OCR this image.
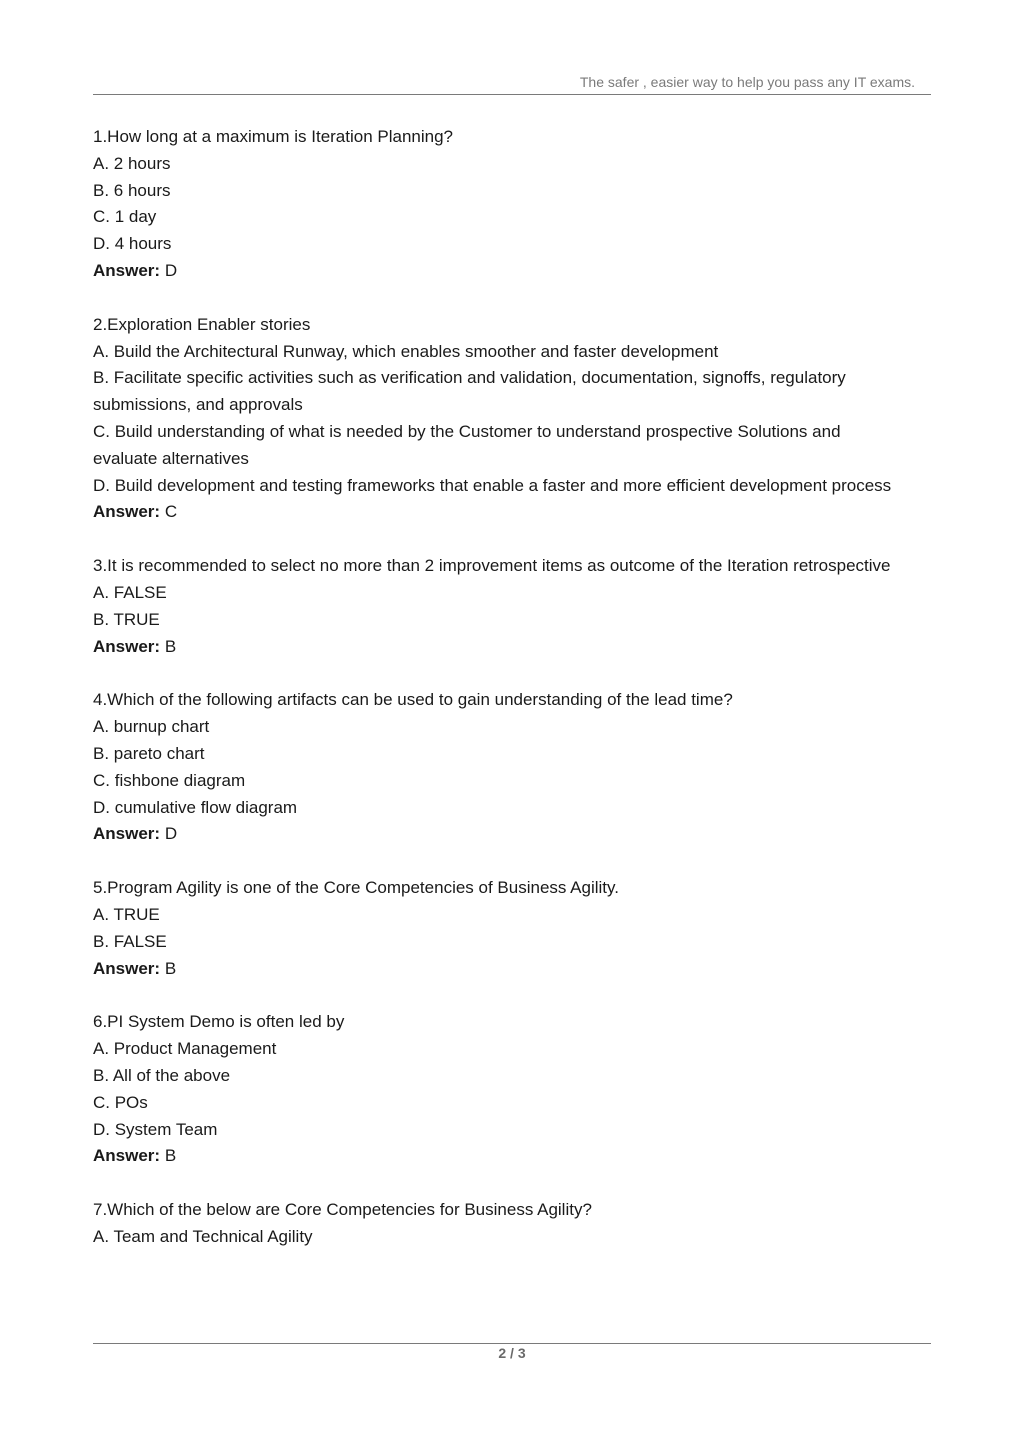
The safer , easier way to help you pass any IT exams.

1.How long at a maximum is Iteration Planning?

A. 2 hours

B. 6 hours

C. 1 day

D. 4 hours

Answer: D

2.Exploration Enabler stories

A. Build the Architectural Runway, which enables smoother and faster development

B. Facilitate specific activities such as verification and validation, documentation, signoffs, regulatory submissions, and approvals

C. Build understanding of what is needed by the Customer to understand prospective Solutions and evaluate alternatives

D. Build development and testing frameworks that enable a faster and more efficient development process

Answer: C

3.It is recommended to select no more than 2 improvement items as outcome of the Iteration retrospective

A. FALSE

B. TRUE

Answer: B

4.Which of the following artifacts can be used to gain understanding of the lead time?

A. burnup chart

B. pareto chart

C. fishbone diagram

D. cumulative flow diagram

Answer: D

5.Program Agility is one of the Core Competencies of Business Agility.

A. TRUE

B. FALSE

Answer: B

6.PI System Demo is often led by

A. Product Management

B. All of the above

C. POs

D. System Team

Answer: B

7.Which of the below are Core Competencies for Business Agility?

A. Team and Technical Agility

2 / 3
